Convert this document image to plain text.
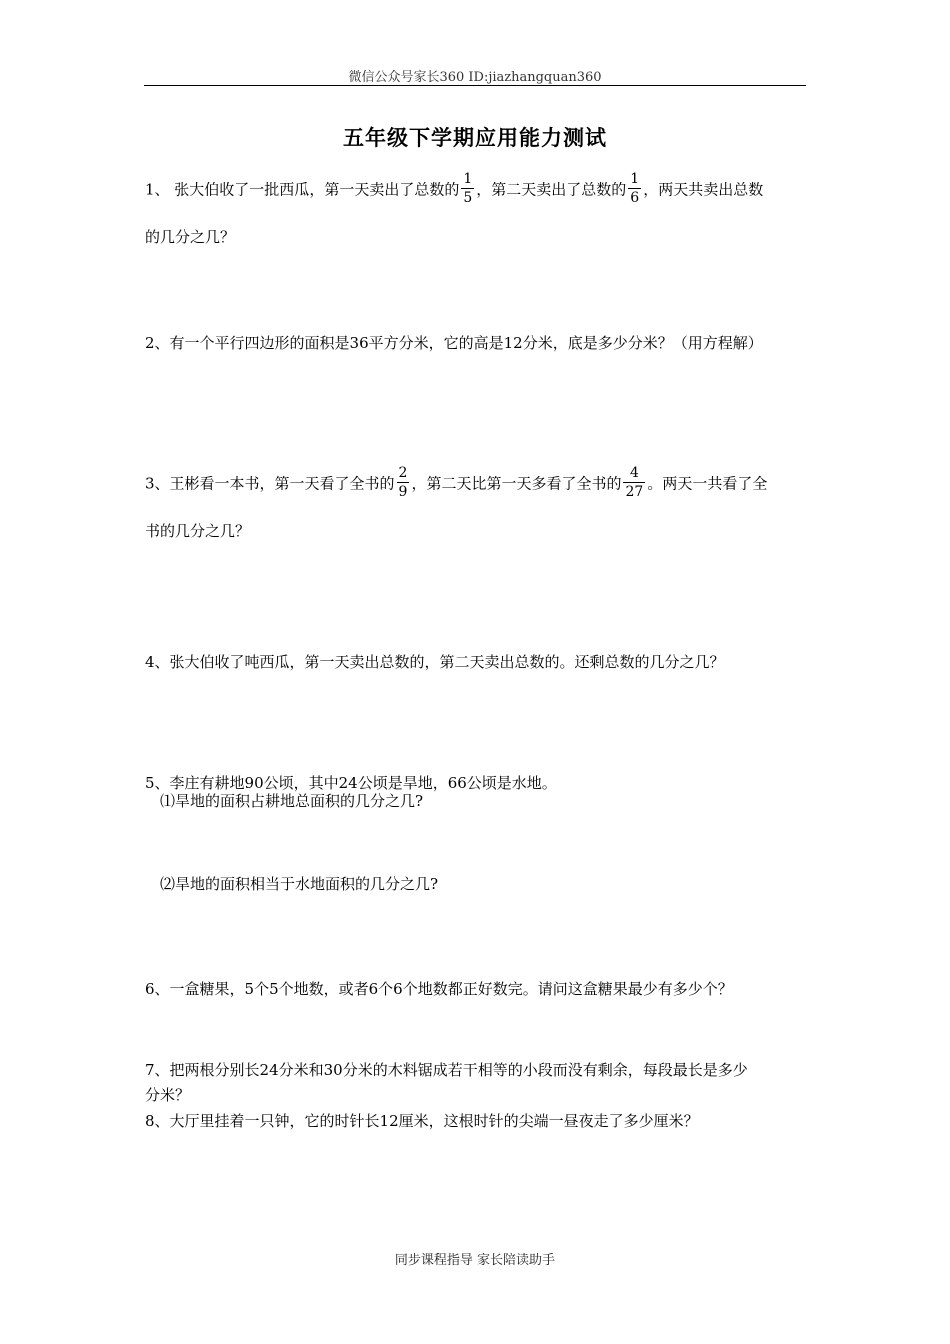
微信公众号家长360 ID:jiazhangquan360
五年级下学期应用能力测试
1、 张大伯收了一批西瓜，第一天卖出了总数的 $\frac{1}{5}$ ，第二天卖出了总数的 $\frac{1}{6}$ ，两天共卖出总数
的几分之几？
2、有一个平行四边形的面积是36平方分米，它的高是12分米，底是多少分米？（用方程解）
3、王彬看一本书，第一天看了全书的 $\frac{2}{9}$ ，第二天比第一天多看了全书的 $\frac{4}{27}$ 。两天一共看了全
书的几分之几？
4、张大伯收了吨西瓜，第一天卖出总数的，第二天卖出总数的。还剩总数的几分之几？
5、李庄有耕地90公顷，其中24公顷是旱地，66公顷是水地。
⑴旱地的面积占耕地总面积的几分之几?
⑵旱地的面积相当于水地面积的几分之几?
6、一盒糖果，5个5个地数，或者6个6个地数都正好数完。请问这盒糖果最少有多少个？
7、把两根分别长24分米和30分米的木料锯成若干相等的小段而没有剩余，每段最长是多少
分米？
8、大厅里挂着一只钟，它的时针长12厘米，这根时针的尖端一昼夜走了多少厘米？
同步课程指导 家长陪读助手
